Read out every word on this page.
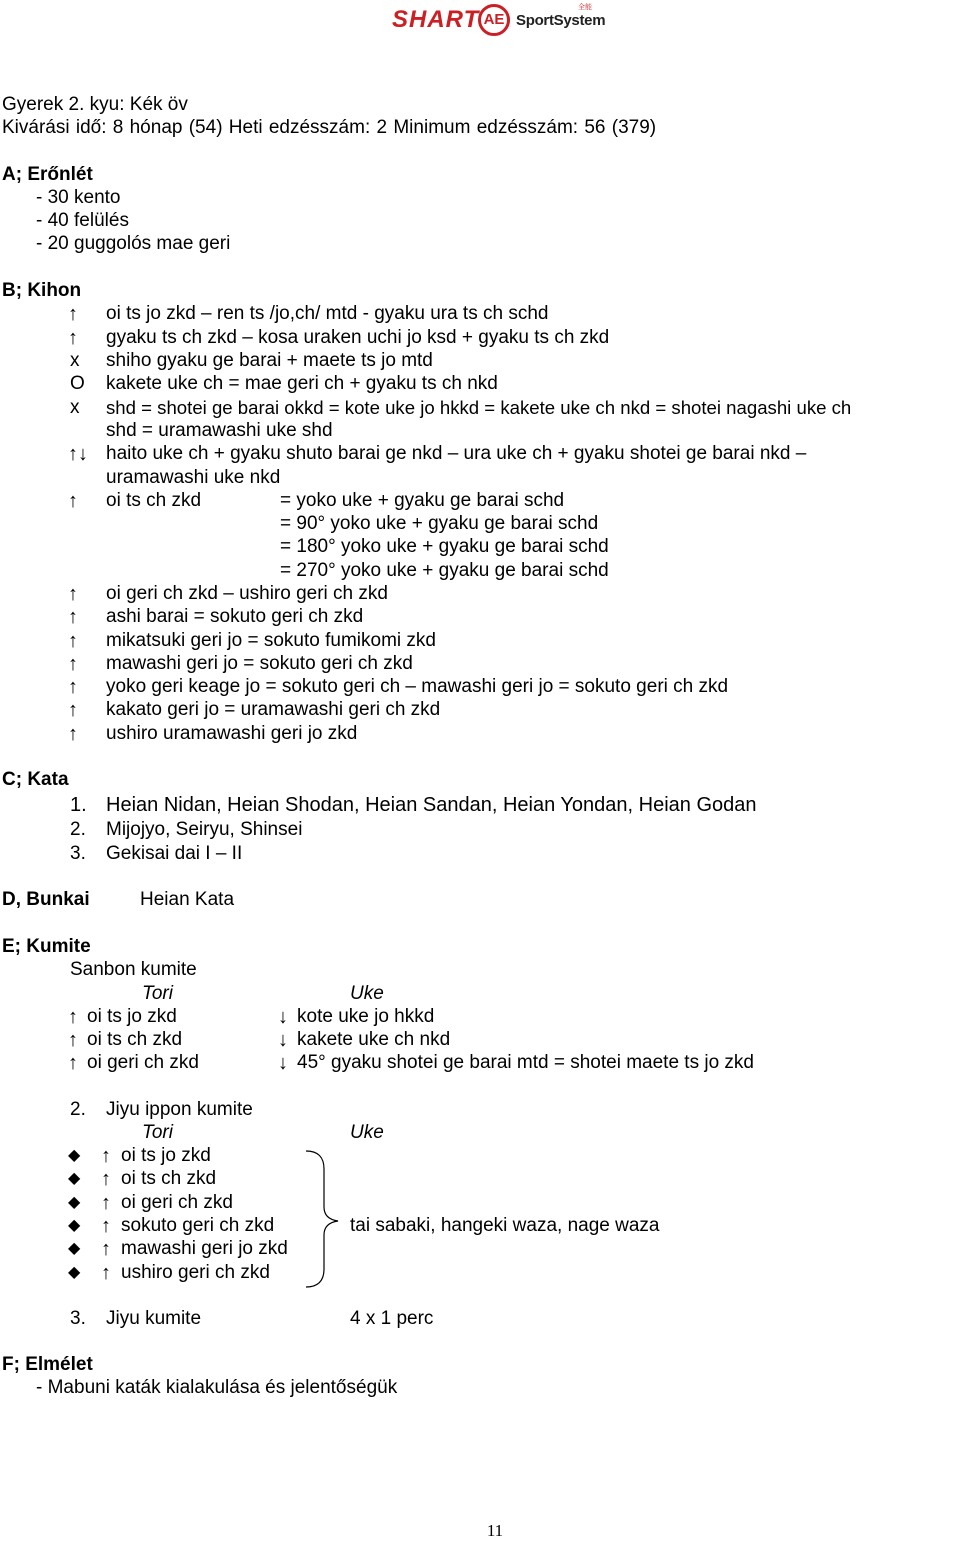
SHART AE SportSystem
全能
Gyerek 2. kyu: Kék öv
Kivárási idő: 8 hónap (54) Heti edzésszám: 2 Minimum edzésszám: 56 (379)
A; Erőnlét
- 30 kento
- 40 felülés
- 20 guggolós mae geri
B; Kihon
↑ oi ts jo zkd – ren ts /jo,ch/ mtd - gyaku ura ts ch schd
↑ gyaku ts ch zkd – kosa uraken uchi jo ksd + gyaku ts ch zkd
x shiho gyaku ge barai + maete ts jo mtd
O kakete uke ch = mae geri ch + gyaku ts ch nkd
x shd = shotei ge barai okkd = kote uke jo hkkd = kakete uke ch nkd = shotei nagashi uke ch
shd = uramawashi uke shd
↑↓ haito uke ch + gyaku shuto barai ge nkd – ura uke ch + gyaku shotei ge barai nkd –
uramawashi uke nkd
↑ oi ts ch zkd	= yoko uke + gyaku ge barai schd
= 90° yoko uke + gyaku ge barai schd
= 180° yoko uke + gyaku ge barai schd
= 270° yoko uke + gyaku ge barai schd
↑ oi geri ch zkd – ushiro geri ch zkd
↑ ashi barai = sokuto geri ch zkd
↑ mikatsuki geri jo = sokuto fumikomi zkd
↑ mawashi geri jo = sokuto geri ch zkd
↑ yoko geri keage jo = sokuto geri ch – mawashi geri jo = sokuto geri ch zkd
↑ kakato geri jo = uramawashi geri ch zkd
↑ ushiro uramawashi geri jo zkd
C; Kata
1. Heian Nidan, Heian Shodan, Heian Sandan, Heian Yondan, Heian Godan
2. Mijojyo, Seiryu, Shinsei
3. Gekisai dai I – II
D, Bunkai	Heian Kata
E; Kumite
Sanbon kumite
Tori	Uke
↑ oi ts jo zkd	↓ kote uke jo hkkd
↑ oi ts ch zkd	↓ kakete uke ch nkd
↑ oi geri ch zkd	↓ 45° gyaku shotei ge barai mtd = shotei maete ts jo zkd
2. Jiyu ippon kumite
Tori	Uke
◆ ↑ oi ts jo zkd
◆ ↑ oi ts ch zkd
◆ ↑ oi geri ch zkd
◆ ↑ sokuto geri ch zkd
◆ ↑ mawashi geri jo zkd
◆ ↑ ushiro geri ch zkd
tai sabaki, hangeki waza, nage waza
3. Jiyu kumite	4 x 1 perc
F; Elmélet
- Mabuni katák kialakulása és jelentőségük
11
